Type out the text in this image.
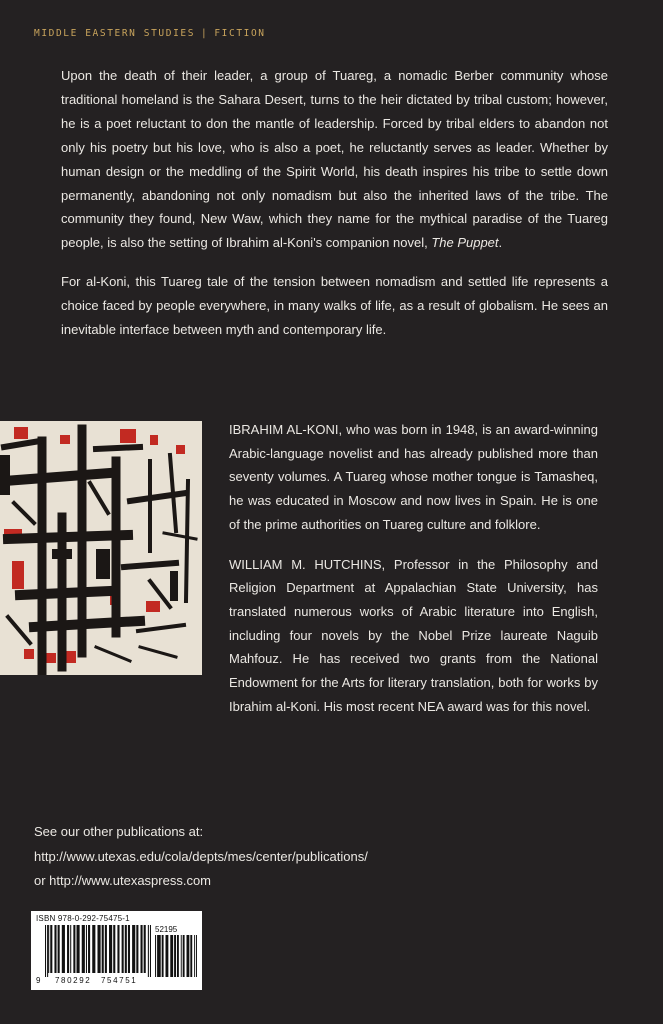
MIDDLE EASTERN STUDIES | FICTION

Upon the death of their leader, a group of Tuareg, a nomadic Berber community whose traditional homeland is the Sahara Desert, turns to the heir dictated by tribal custom; however, he is a poet reluctant to don the mantle of leadership. Forced by tribal elders to abandon not only his poetry but his love, who is also a poet, he reluctantly serves as leader. Whether by human design or the meddling of the Spirit World, his death inspires his tribe to settle down permanently, abandoning not only nomadism but also the inherited laws of the tribe. The community they found, New Waw, which they name for the mythical paradise of the Tuareg people, is also the setting of Ibrahim al-Koni's companion novel, The Puppet.

For al-Koni, this Tuareg tale of the tension between nomadism and settled life represents a choice faced by people everywhere, in many walks of life, as a result of globalism. He sees an inevitable interface between myth and contemporary life.

IBRAHIM AL-KONI, who was born in 1948, is an award-winning Arabic-language novelist and has already published more than seventy volumes. A Tuareg whose mother tongue is Tamasheq, he was educated in Moscow and now lives in Spain. He is one of the prime authorities on Tuareg culture and folklore.

WILLIAM M. HUTCHINS, Professor in the Philosophy and Religion Department at Appalachian State University, has translated numerous works of Arabic literature into English, including four novels by the Nobel Prize laureate Naguib Mahfouz. He has received two grants from the National Endowment for the Arts for literary translation, both for works by Ibrahim al-Koni. His most recent NEA award was for this novel.

See our other publications at:
http://www.utexas.edu/cola/depts/mes/center/publications/
or http://www.utexaspress.com
ISBN 978-0-292-75475-1
52195
9 780292 754751
